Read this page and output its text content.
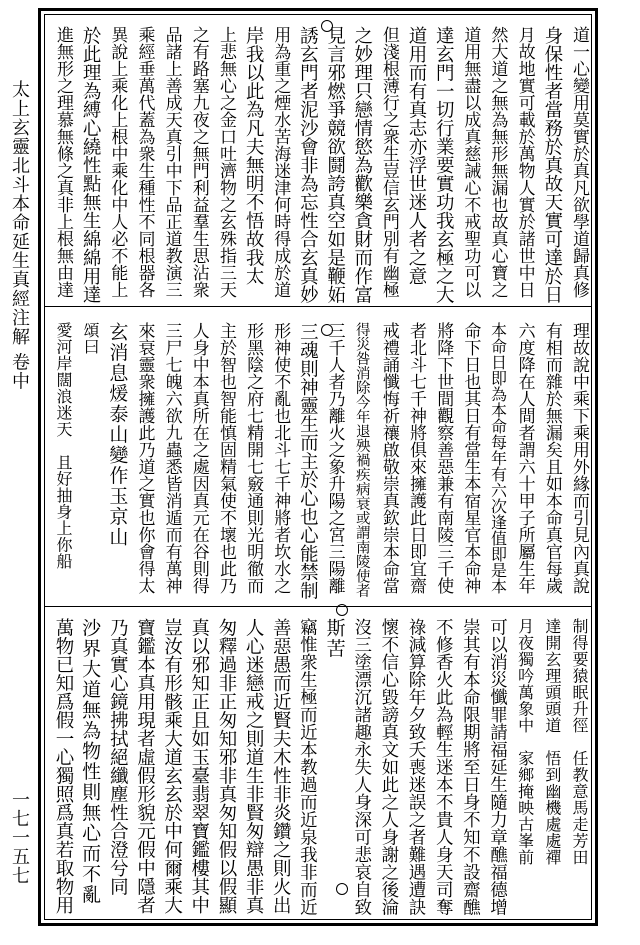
太上玄靈北斗本命延生真經注解 卷中
一七一五七
道一心變用莫實於真凡欲學道歸真修
身保性者當務於真故天實可達於日
月故地實可載於萬物人實於諸世中日
然大道之無為無形無漏也故真心寶之
道用無盡以成真慈誡心不戒聖功可以
達玄門一切行業要實功我玄極之大
道用而有真志亦浮世迷人者之意
但淺根薄行之衆生豈信玄門別有幽極
之妙理只戀情慾為歡樂貪財而作富
見言邪燃爭競欲鬪誇真空如是鞭妬
誘玄門者泥沙會非為忘性合玄真妙
用為重之煙水苦海迷津何時得成於道
岸我以此為凡夫無明不悟故我太
上悲無心之金口吐濟物之玄殊指三天
之有路塞九夜之無門利益羣生思沾衆
品諸上善成天真引中下品正道教演三
乘經垂萬代蓋為衆生種性不同根器各
異說上乘化上根中乘化中人必不能上
於此理為縛心繞性點無生綿綿用達
進無形之理慕無條之真非上根無由達
理故說中乘下乘用外緣而引見內真說
有相而雜於無漏矣且如本命真官每歲
六度降在人間者謂六十甲子所屬生年
本命日即為本命每年有六次逢值即是本
命下日也其日有當生本宿星官本命神
將降下世間觀察善惡兼有南陵三千使
者北斗七千神將俱來擁護此日即宜齋
戒禮誦懺悔祈禳啟敬崇真欽崇本命當
得災咎消除今年退殃禍疾病衰或謂南陵使者
三千人者乃離火之象升陽之宮三陽離
三魂則神靈生而主於心也心能禁制
形神使不亂也北斗七千神將者坎水之
形黑陰之府七精開七竅通則光明徹而
主於智也智能慎固精氣使不壞也此乃
人身中本真所在之處因真元在谷則得
三尸七魄六欲九蟲悉皆消遁而有萬神
來衰靈衆擁護此乃道之實也你會得太
玄消息煖泰山變作玉京山
頌曰
愛河岸闊浪迷天　且好抽身上你船
制得要猿眠升徑　任教意馬走芳田
達開玄理頭頭道　悟到幽機處處禪
月夜獨吟萬象中　家鄉掩映古峯前
可以消災懺罪請福延生隨力章醮福德增
崇其有本命限期將至日身不知不設齋醮
不修香火此為輕生迷本不貴人身天司奪
祿減算除年夕致夭喪迷誤之者難遇遭訣
懷不信心毀謗真文如此之人身謝之後淪
沒三塗漂沉諸趣永失人身深可悲哀自致
斯苦
竊惟衆生極而近本教過而近泉我非而近
善惡愚而近賢夫木性非炎鑽之則火出
人心迷戀戒之則道生非賢匆辯愚非真
匆釋過非正匆知邪非真匆知假以假顯
真以邪知正且如玉臺翡翠寶鑑樓其中
豈汝有形骸乘大道玄玄於中何爾乘大
寶鑑本真用現者虛假形貌元假中隱者
乃真實心鏡拂拭絕纖塵性合澄兮同
沙界大道無為物性則無心而不亂
萬物已知爲假一心獨照爲真若取物用
